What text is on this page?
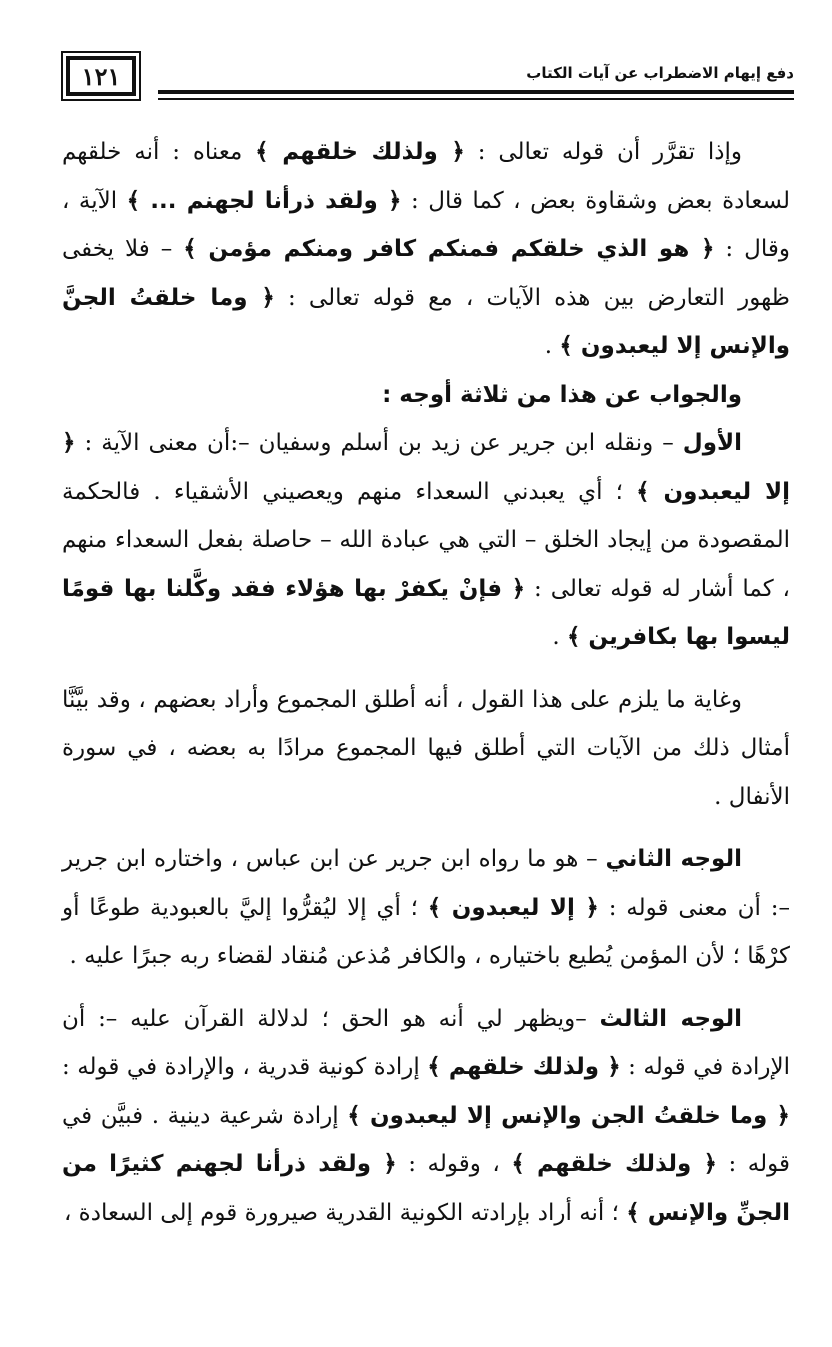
١٢١	دفع إيهام الاضطراب عن آيات الكتاب

وإذا تقرَّر أن قوله تعالى : ﴿ ولذلك خلقهم ﴾ معناه : أنه خلقهم لسعادة بعض وشقاوة بعض ، كما قال : ﴿ ولقد ذرأنا لجهنم ... ﴾ الآية ، وقال : ﴿ هو الذي خلقكم فمنكم كافر ومنكم مؤمن ﴾ – فلا يخفى ظهور التعارض بين هذه الآيات ، مع قوله تعالى : ﴿ وما خلقتُ الجنَّ والإنس إلا ليعبدون ﴾ .

والجواب عن هذا من ثلاثة أوجه :

الأول – ونقله ابن جرير عن زيد بن أسلم وسفيان –:أن معنى الآية : ﴿ إلا ليعبدون ﴾ ؛ أي يعبدني السعداء منهم ويعصيني الأشقياء . فالحكمة المقصودة من إيجاد الخلق – التي هي عبادة الله – حاصلة بفعل السعداء منهم ، كما أشار له قوله تعالى : ﴿ فإنْ يكفرْ بها هؤلاء فقد وكَّلنا بها قومًا ليسوا بها بكافرين ﴾ .

وغاية ما يلزم على هذا القول ، أنه أطلق المجموع وأراد بعضهم ، وقد بيَّنَّا أمثال ذلك من الآيات التي أطلق فيها المجموع مرادًا به بعضه ، في سورة الأنفال .

الوجه الثاني – هو ما رواه ابن جرير عن ابن عباس ، واختاره ابن جرير –: أن معنى قوله : ﴿ إلا ليعبدون ﴾ ؛ أي إلا ليُقرُّوا إليَّ بالعبودية طوعًا أو كرْهًا ؛ لأن المؤمن يُطيع باختياره ، والكافر مُذعن مُنقاد لقضاء ربه جبرًا عليه .

الوجه الثالث –ويظهر لي أنه هو الحق ؛ لدلالة القرآن عليه –: أن الإرادة في قوله : ﴿ ولذلك خلقهم ﴾ إرادة كونية قدرية ، والإرادة في قوله : ﴿ وما خلقتُ الجن والإنس إلا ليعبدون ﴾ إرادة شرعية دينية . فبيَّن في قوله : ﴿ ولذلك خلقهم ﴾ ، وقوله : ﴿ ولقد ذرأنا لجهنم كثيرًا من الجنِّ والإنس ﴾ ؛ أنه أراد بإرادته الكونية القدرية صيرورة قوم إلى السعادة ،
